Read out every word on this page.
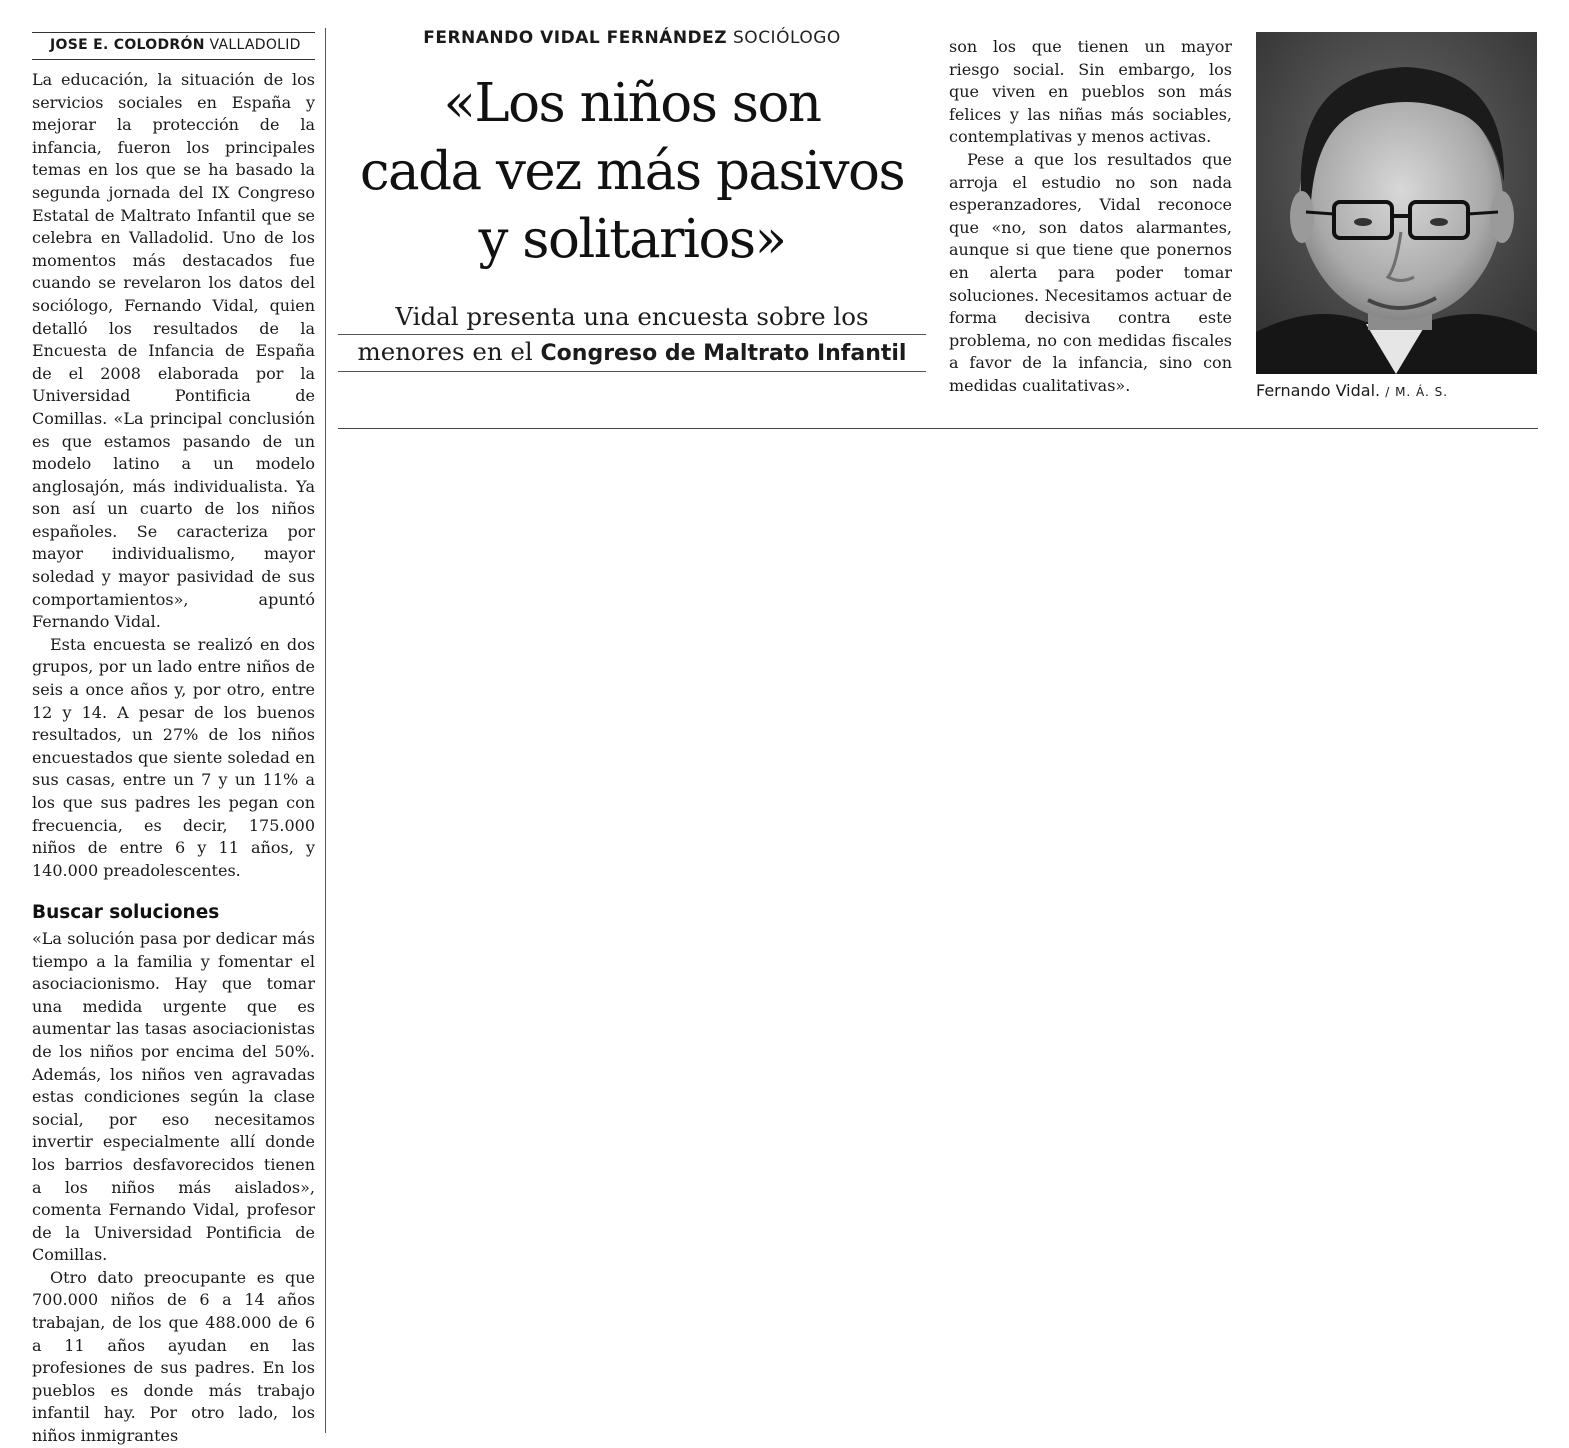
JOSE E. COLODRÓN VALLADOLID

La educación, la situación de los servicios sociales en España y mejorar la protección de la infancia, fueron los principales temas en los que se ha basado la segunda jornada del IX Congreso Estatal de Maltrato Infantil que se celebra en Valladolid. Uno de los momentos más destacados fue cuando se revelaron los datos del sociólogo, Fernando Vidal, quien detalló los resultados de la Encuesta de Infancia de España de el 2008 elaborada por la Universidad Pontificia de Comillas. «La principal conclusión es que estamos pasando de un modelo latino a un modelo anglosajón, más individualista. Ya son así un cuarto de los niños españoles. Se caracteriza por mayor individualismo, mayor soledad y mayor pasividad de sus comportamientos», apuntó Fernando Vidal.

Esta encuesta se realizó en dos grupos, por un lado entre niños de seis a once años y, por otro, entre 12 y 14. A pesar de los buenos resultados, un 27% de los niños encuestados que siente soledad en sus casas, entre un 7 y un 11% a los que sus padres les pegan con frecuencia, es decir, 175.000 niños de entre 6 y 11 años, y 140.000 preadolescentes.

Buscar soluciones

«La solución pasa por dedicar más tiempo a la familia y fomentar el asociacionismo. Hay que tomar una medida urgente que es aumentar las tasas asociacionistas de los niños por encima del 50%. Además, los niños ven agravadas estas condiciones según la clase social, por eso necesitamos invertir especialmente allí donde los barrios desfavorecidos tienen a los niños más aislados», comenta Fernando Vidal, profesor de la Universidad Pontificia de Comillas.

Otro dato preocupante es que 700.000 niños de 6 a 14 años trabajan, de los que 488.000 de 6 a 11 años ayudan en las profesiones de sus padres. En los pueblos es donde más trabajo infantil hay. Por otro lado, los niños inmigrantes

FERNANDO VIDAL FERNÁNDEZ SOCIÓLOGO
«Los niños son
cada vez más pasivos
y solitarios»
Vidal presenta una encuesta sobre los
menores en el Congreso de Maltrato Infantil

son los que tienen un mayor riesgo social. Sin embargo, los que viven en pueblos son más felices y las niñas más sociables, contemplativas y menos activas.

Pese a que los resultados que arroja el estudio no son nada esperanzadores, Vidal reconoce que «no, son datos alarmantes, aunque si que tiene que ponernos en alerta para poder tomar soluciones. Necesitamos actuar de forma decisiva contra este problema, no con medidas fiscales a favor de la infancia, sino con medidas cualitativas».	Fernando Vidal. / M. Á. S.
